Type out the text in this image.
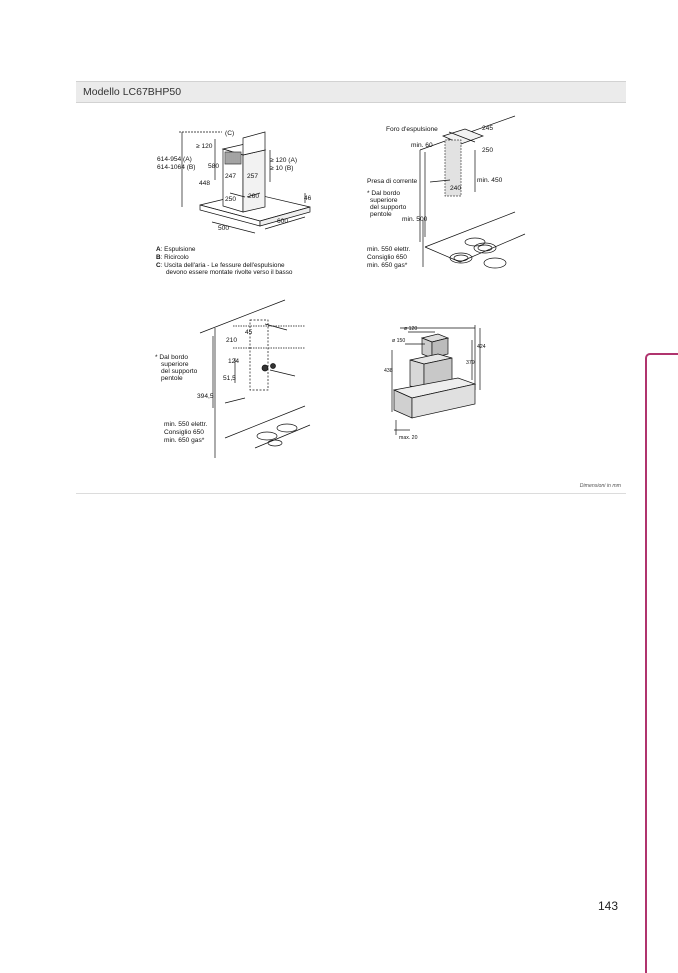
Modello LC67BHP50
(C)
≥ 120
614-954 (A)
614-1064 (B) 580
448
247 257
250 260
≥ 120 (A)
≥ 10 (B)
46
600
500
A: Espulsione
B: Ricircolo
C: Uscita dell'aria - Le fessure dell'espulsione
devono essere montate rivolte verso il basso
Foro d'espulsione	245
250
min. 60
Presa di corrente
240
min. 450
* Dal bordo
superiore
del supporto
pentole
min. 500
min. 550 elettr.
Consiglio 650
min. 650 gas*
45
210
* Dal bordo
superiore
del supporto
pentole
124
51,5
394,5
min. 550 elettr.
Consiglio 650
min. 650 gas*
ø 120
ø 150
424
379
438
max. 20
Dimensioni in mm
143
